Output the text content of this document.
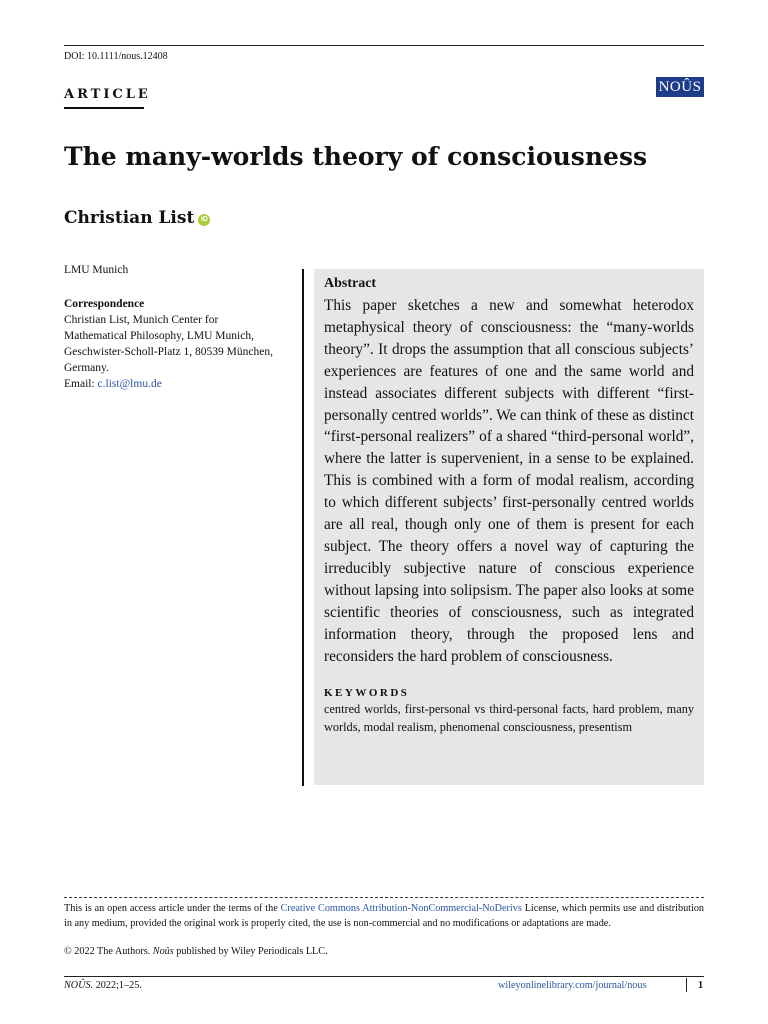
DOI: 10.1111/nous.12408
ARTICLE	NOÛS
The many-worlds theory of consciousness
Christian List iD
LMU Munich
Correspondence
Christian List, Munich Center for Mathematical Philosophy, LMU Munich, Geschwister-Scholl-Platz 1, 80539 München, Germany.
Email: c.list@lmu.de
Abstract
This paper sketches a new and somewhat heterodox metaphysical theory of consciousness: the “many-worlds theory”. It drops the assumption that all conscious subjects’ experiences are features of one and the same world and instead associates different subjects with different “first-personally centred worlds”. We can think of these as distinct “first-personal realizers” of a shared “third-personal world”, where the latter is supervenient, in a sense to be explained. This is combined with a form of modal realism, according to which different subjects’ first-personally centred worlds are all real, though only one of them is present for each subject. The theory offers a novel way of capturing the irreducibly subjective nature of conscious experience without lapsing into solipsism. The paper also looks at some scientific theories of consciousness, such as integrated information theory, through the proposed lens and reconsiders the hard problem of consciousness.
KEYWORDS
centred worlds, first-personal vs third-personal facts, hard problem, many worlds, modal realism, phenomenal consciousness, presentism
This is an open access article under the terms of the Creative Commons Attribution-NonCommercial-NoDerivs License, which permits use and distribution in any medium, provided the original work is properly cited, the use is non-commercial and no modifications or adaptations are made.
© 2022 The Authors. Noûs published by Wiley Periodicals LLC.
NOÛS. 2022;1–25.	wileyonlinelibrary.com/journal/nous	1
